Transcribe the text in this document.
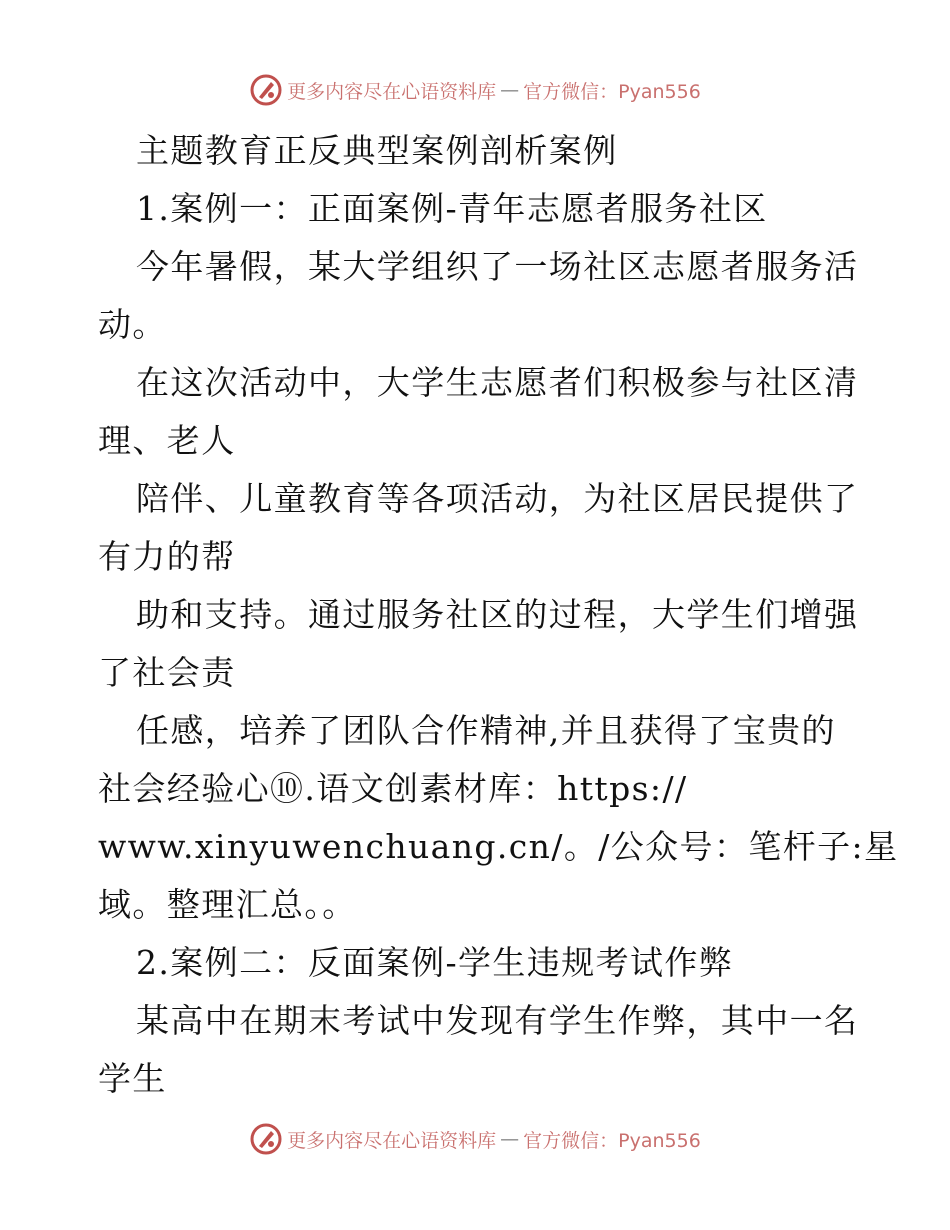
更多内容尽在心语资料库 — 官方微信：Pyan556
主题教育正反典型案例剖析案例
1.案例一：正面案例-青年志愿者服务社区
今年暑假，某大学组织了一场社区志愿者服务活
动。
在这次活动中，大学生志愿者们积极参与社区清
理、老人
陪伴、儿童教育等各项活动，为社区居民提供了
有力的帮
助和支持。通过服务社区的过程，大学生们增强
了社会责
任感，培养了团队合作精神,并且获得了宝贵的
社会经验心⑩.语文创素材库：https://
www.xinyuwenchuang.cn/。/公众号：笔杆子:星
域。整理汇总。。
2.案例二：反面案例-学生违规考试作弊
某高中在期末考试中发现有学生作弊，其中一名
学生
更多内容尽在心语资料库 — 官方微信：Pyan556
